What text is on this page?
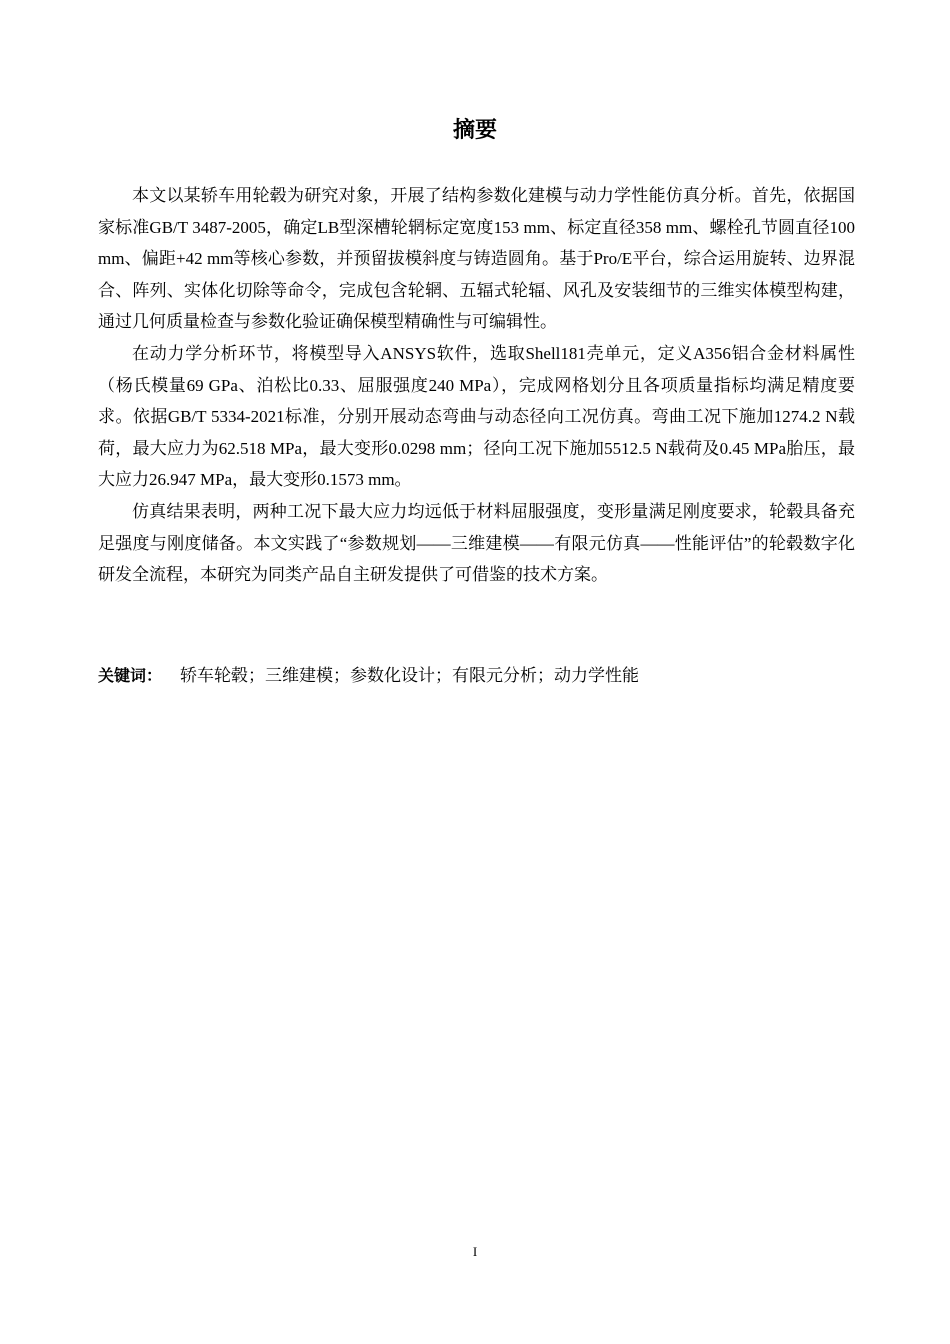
摘要

本文以某轿车用轮毂为研究对象，开展了结构参数化建模与动力学性能仿真分析。首先，依据国家标准GB/T 3487-2005，确定LB型深槽轮辋标定宽度153 mm、标定直径358 mm、螺栓孔节圆直径100 mm、偏距+42 mm等核心参数，并预留拔模斜度与铸造圆角。基于Pro/E平台，综合运用旋转、边界混合、阵列、实体化切除等命令，完成包含轮辋、五辐式轮辐、风孔及安装细节的三维实体模型构建，通过几何质量检查与参数化验证确保模型精确性与可编辑性。

在动力学分析环节，将模型导入ANSYS软件，选取Shell181壳单元，定义A356铝合金材料属性（杨氏模量69 GPa、泊松比0.33、屈服强度240 MPa），完成网格划分且各项质量指标均满足精度要求。依据GB/T 5334-2021标准，分别开展动态弯曲与动态径向工况仿真。弯曲工况下施加1274.2 N载荷，最大应力为62.518 MPa，最大变形0.0298 mm；径向工况下施加5512.5 N载荷及0.45 MPa胎压，最大应力26.947 MPa，最大变形0.1573 mm。

仿真结果表明，两种工况下最大应力均远低于材料屈服强度，变形量满足刚度要求，轮毂具备充足强度与刚度储备。本文实践了“参数规划——三维建模——有限元仿真——性能评估”的轮毂数字化研发全流程，本研究为同类产品自主研发提供了可借鉴的技术方案。

关键词： 轿车轮毂；三维建模；参数化设计；有限元分析；动力学性能

I
